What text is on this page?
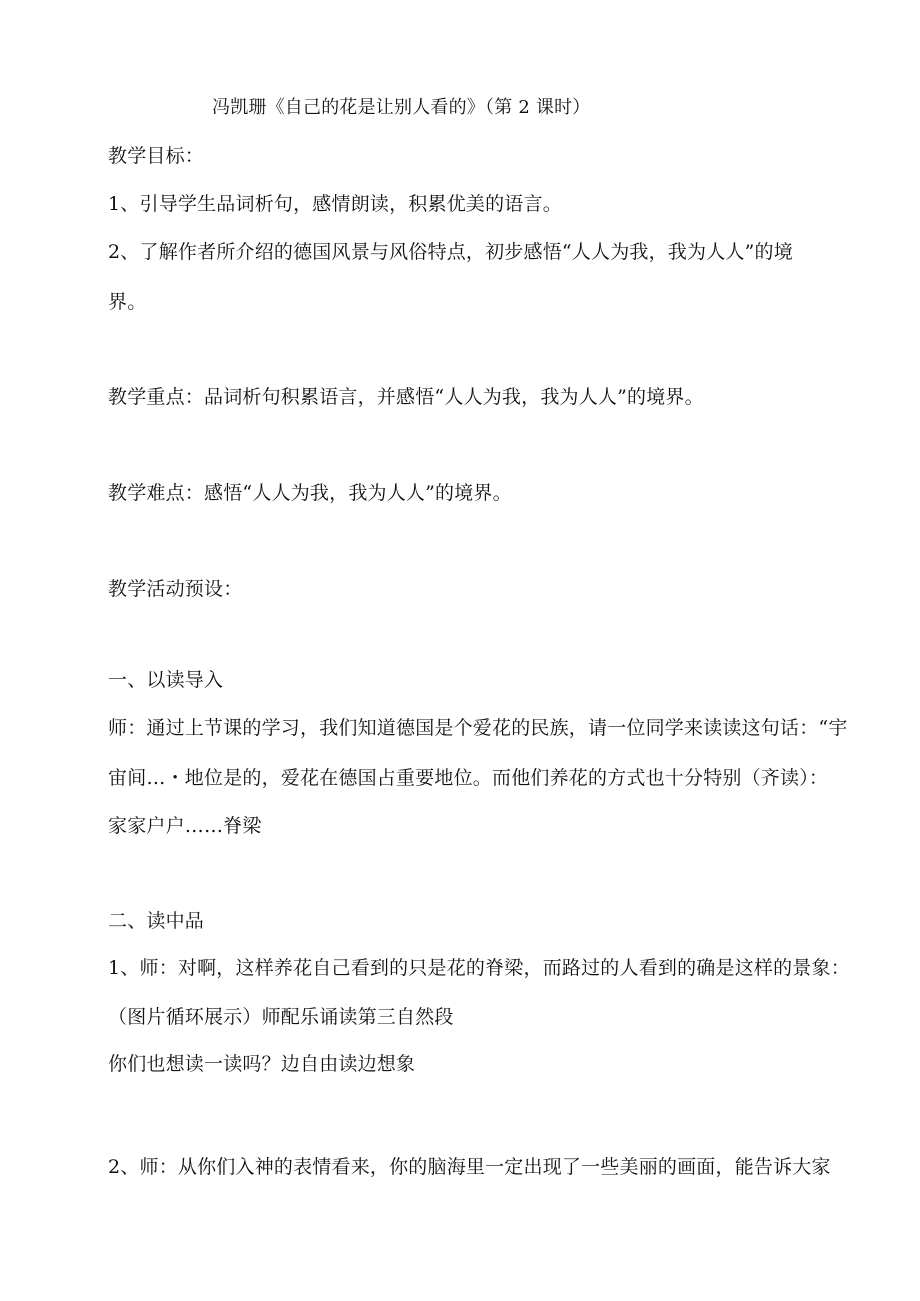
冯凯珊《自己的花是让别人看的》（第 2 课时）
教学目标：
1、引导学生品词析句，感情朗读，积累优美的语言。
2、了解作者所介绍的德国风景与风俗特点，初步感悟“人人为我，我为人人”的境
界。
教学重点：品词析句积累语言，并感悟“人人为我，我为人人”的境界。
教学难点：感悟“人人为我，我为人人”的境界。
教学活动预设：
一、以读导入
师：通过上节课的学习，我们知道德国是个爱花的民族，请一位同学来读读这句话：“宇
宙间…・地位是的，爱花在德国占重要地位。而他们养花的方式也十分特别（齐读）：
家家户户……脊梁
二、读中品
1、师：对啊，这样养花自己看到的只是花的脊梁，而路过的人看到的确是这样的景象：
（图片循环展示）师配乐诵读第三自然段
你们也想读一读吗？边自由读边想象
2、师：从你们入神的表情看来，你的脑海里一定出现了一些美丽的画面，能告诉大家
